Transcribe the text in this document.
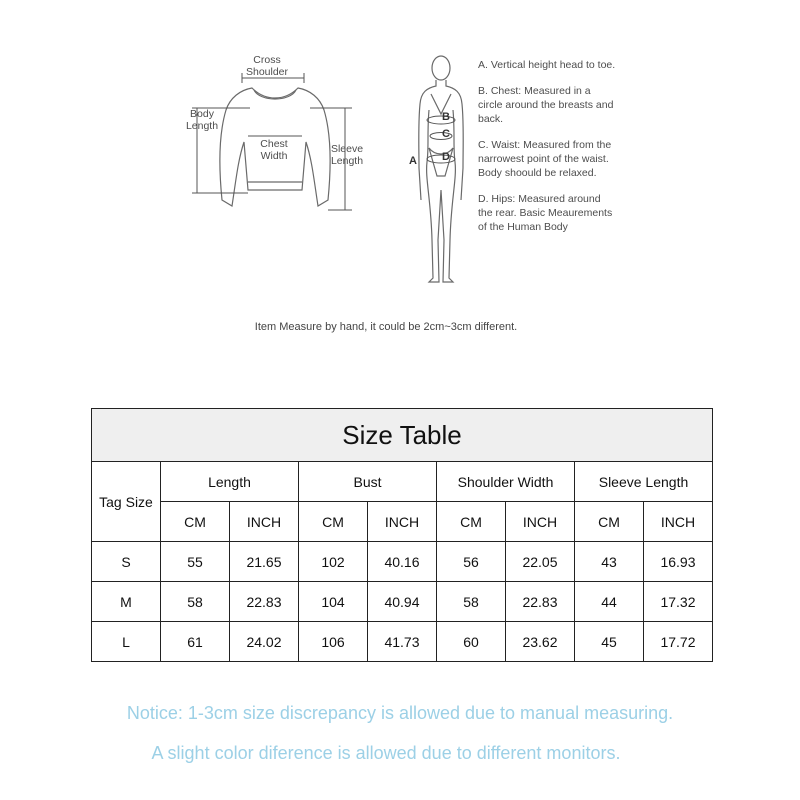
Cross
Shoulder
Body
Length
Chest
Width
Sleeve
Length	A
B
C
D
A. Vertical height head to toe.
B. Chest: Measured in a circle around the breasts and back.
C. Waist: Measured from the narrowest point of the waist. Body shoould be relaxed.
D. Hips: Measured around the rear. Basic Meaurements of the Human Body
Item Measure by hand, it could be 2cm~3cm different.
Size Table								
Tag Size	Length		Bust		Shoulder Width		Sleeve Length	
	CM	INCH	CM	INCH	CM	INCH	CM	INCH
S	55	21.65	102	40.16	56	22.05	43	16.93
M	58	22.83	104	40.94	58	22.83	44	17.32
L	61	24.02	106	41.73	60	23.62	45	17.72
Notice: 1-3cm size discrepancy is allowed due to manual measuring.
A slight color diference is allowed due to different monitors.
